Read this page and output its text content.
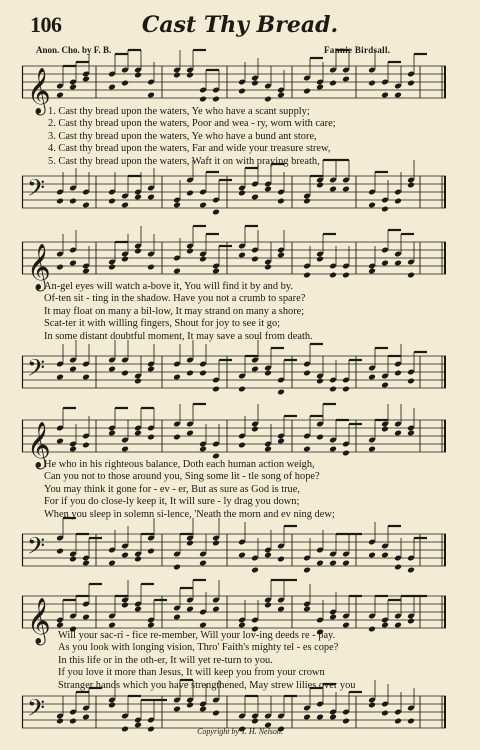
106	Cast Thy Bread.
Anon. Cho. by F. B.	Fannie Birdsall.
𝄞
𝄢
1. Cast thy bread upon the waters, Ye who have a scant supply;
2. Cast thy bread upon the waters, Poor and wea - ry, worn with care;
3. Cast thy bread upon the waters, Ye who have a bund ant store,
4. Cast thy bread upon the waters, Far and wide your treasure strew,
5. Cast thy bread upon the waters, Waft it on with praying breath,
𝄞
𝄢
An-gel eyes will watch a-bove it, You will find it by and by.
Of-ten sit - ting in the shadow. Have you not a crumb to spare?
It may float on many a bil-low, It may strand on many a shore;
Scat-ter it with willing fingers, Shout for joy to see it go;
In some distant doubtful moment, It may save a soul from death.
𝄞
𝄢
He who in his righteous balance, Doth each human action weigh,
Can you not to those around you, Sing some lit - tle song of hope?
You may think it gone for - ev - er, But as sure as God is true,
For if you do close-ly keep it, It will sure - ly drag you down;
When you sleep in solemn si-lence, 'Neath the morn and ev ning dew;
𝄞
𝄢
Will your sac-ri - fice re-member, Will your lov-ing deeds re - pay.
As you look with longing vision, Thro' Faith's mighty tel - es cope?
In this life or in the oth-er, It will yet re-turn to you.
If you love it more than Jesus, It will keep you from your crown
Stranger hands which you have strengthened, May strew lilies over you
Copyright by T. H. Nelson.
